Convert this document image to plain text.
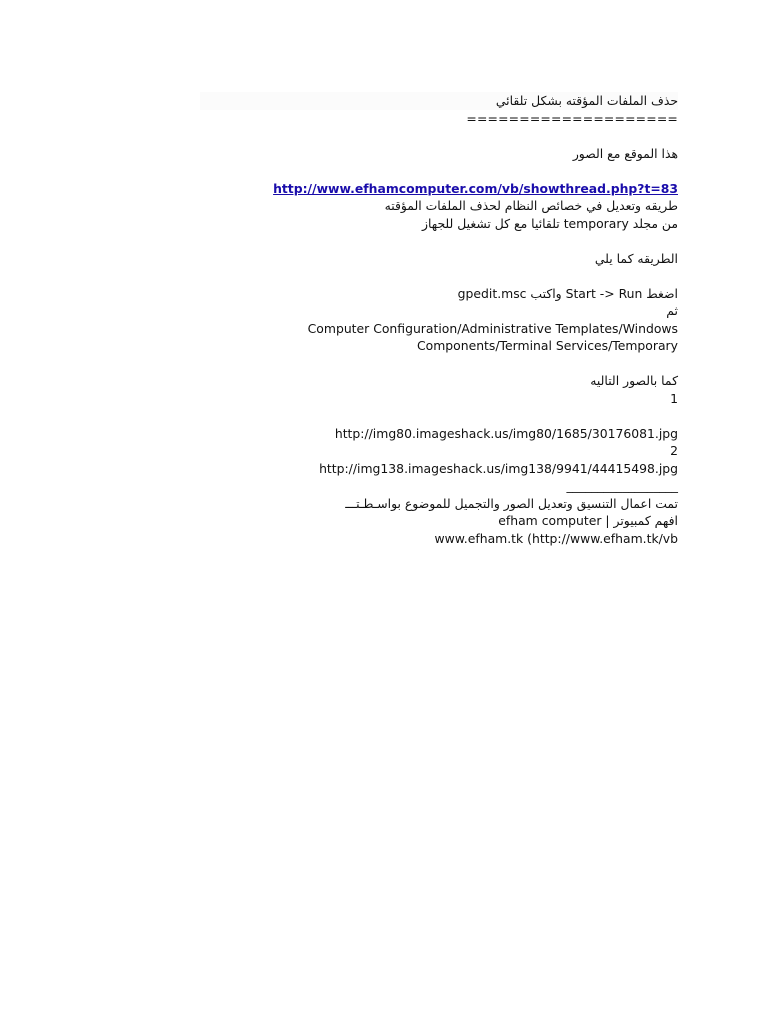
حذف الملفات المؤقته بشكل تلقائي
====================
هذا الموقع مع الصور
http://www.efhamcomputer.com/vb/showthread.php?t=83
طريقه وتعديل في خصائص النظام لحذف الملفات المؤقته
من مجلد temporary تلقائيا مع كل تشغيل للجهاز
الطريقه كما يلي
اضغط Start -> Run واكتب gpedit.msc
ثم
Computer Configuration/Administrative Templates/Windows Components/Terminal Services/Temporary
كما بالصور التاليه
1
http://img80.imageshack.us/img80/1685/30176081.jpg
2
http://img138.imageshack.us/img138/9941/44415498.jpg
__________________
تمت اعمال التنسيق وتعديل الصور والتجميل للموضوع بواسـطـتـــ
افهم كمبيوتر | efham computer
www.efham.tk (http://www.efham.tk/vb
